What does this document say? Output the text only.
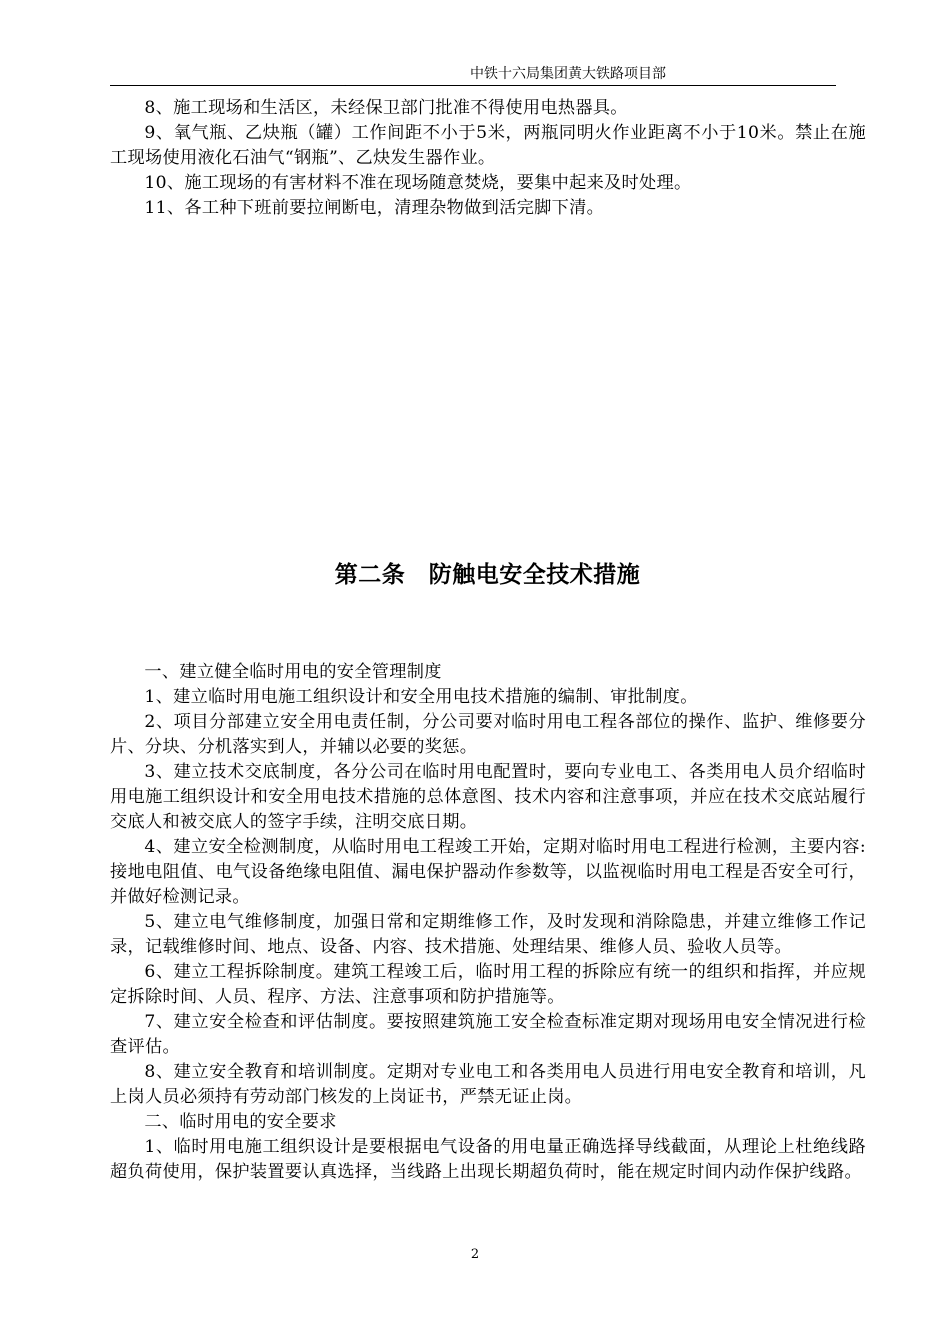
中铁十六局集团黄大铁路项目部

8、施工现场和生活区，未经保卫部门批准不得使用电热器具。

9、氧气瓶、乙炔瓶（罐）工作间距不小于5米，两瓶同明火作业距离不小于10米。禁止在施工现场使用液化石油气“钢瓶”、乙炔发生器作业。

10、施工现场的有害材料不准在现场随意焚烧，要集中起来及时处理。

11、各工种下班前要拉闸断电，清理杂物做到活完脚下清。

第二条　防触电安全技术措施

一、建立健全临时用电的安全管理制度

1、建立临时用电施工组织设计和安全用电技术措施的编制、审批制度。

2、项目分部建立安全用电责任制，分公司要对临时用电工程各部位的操作、监护、维修要分片、分块、分机落实到人，并辅以必要的奖惩。

3、建立技术交底制度，各分公司在临时用电配置时，要向专业电工、各类用电人员介绍临时用电施工组织设计和安全用电技术措施的总体意图、技术内容和注意事项，并应在技术交底站履行交底人和被交底人的签字手续，注明交底日期。

4、建立安全检测制度，从临时用电工程竣工开始，定期对临时用电工程进行检测，主要内容:接地电阻值、电气设备绝缘电阻值、漏电保护器动作参数等，以监视临时用电工程是否安全可行，并做好检测记录。

5、建立电气维修制度，加强日常和定期维修工作，及时发现和消除隐患，并建立维修工作记录，记载维修时间、地点、设备、内容、技术措施、处理结果、维修人员、验收人员等。

6、建立工程拆除制度。建筑工程竣工后，临时用工程的拆除应有统一的组织和指挥，并应规定拆除时间、人员、程序、方法、注意事项和防护措施等。

7、建立安全检查和评估制度。要按照建筑施工安全检查标准定期对现场用电安全情况进行检查评估。

8、建立安全教育和培训制度。定期对专业电工和各类用电人员进行用电安全教育和培训，凡上岗人员必须持有劳动部门核发的上岗证书，严禁无证止岗。

二、临时用电的安全要求

1、临时用电施工组织设计是要根据电气设备的用电量正确选择导线截面，从理论上杜绝线路超负荷使用，保护装置要认真选择，当线路上出现长期超负荷时，能在规定时间内动作保护线路。

2
